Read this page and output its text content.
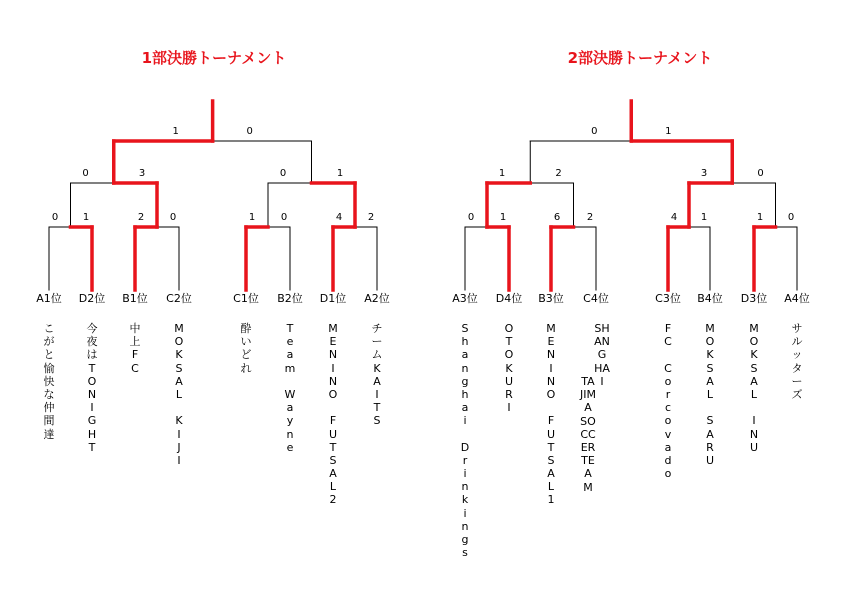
1部決勝トーナメント	2部決勝トーナメント
0 1	2	0	1	0	4	2
0	3	0	1
1	0
0	1	6	2	4 1	1 0
1	2	3	0
0	1
A1位
こ
が
と
愉
快
な
仲
間
達
D2位
今
夜
は
T
O
N
I
G
H
T
B1位
中
上
F
C
C2位
M
O
K
S
A
L

K
I
J
I
C1位
酔
い
ど
れ
B2位
T
e
a
m

W
a
y
n
e
D1位
M
E
N
I
N
O

F
U
T
S
A
L
2
A2位
チ
ー
ム
K
A
I
T
S
A3位
S
h
a
n
g
h
a
i

D
r
i
n
k
i
n
g
s
D4位
O
T
O
K
U
R
I
B3位
M
E
N
I
N
O

F
U
T
S
A
L
1
C4位
SHANGHAI
TAJIMA SOCCER TEAM
C3位
F
C

C
o
r
c
o
v
a
d
o
B4位
M
O
K
S
A
L

S
A
R
U
D3位
M
O
K
S
A
L

I
N
U
A4位
サ
ル
ッ
タ
ー
ズ
